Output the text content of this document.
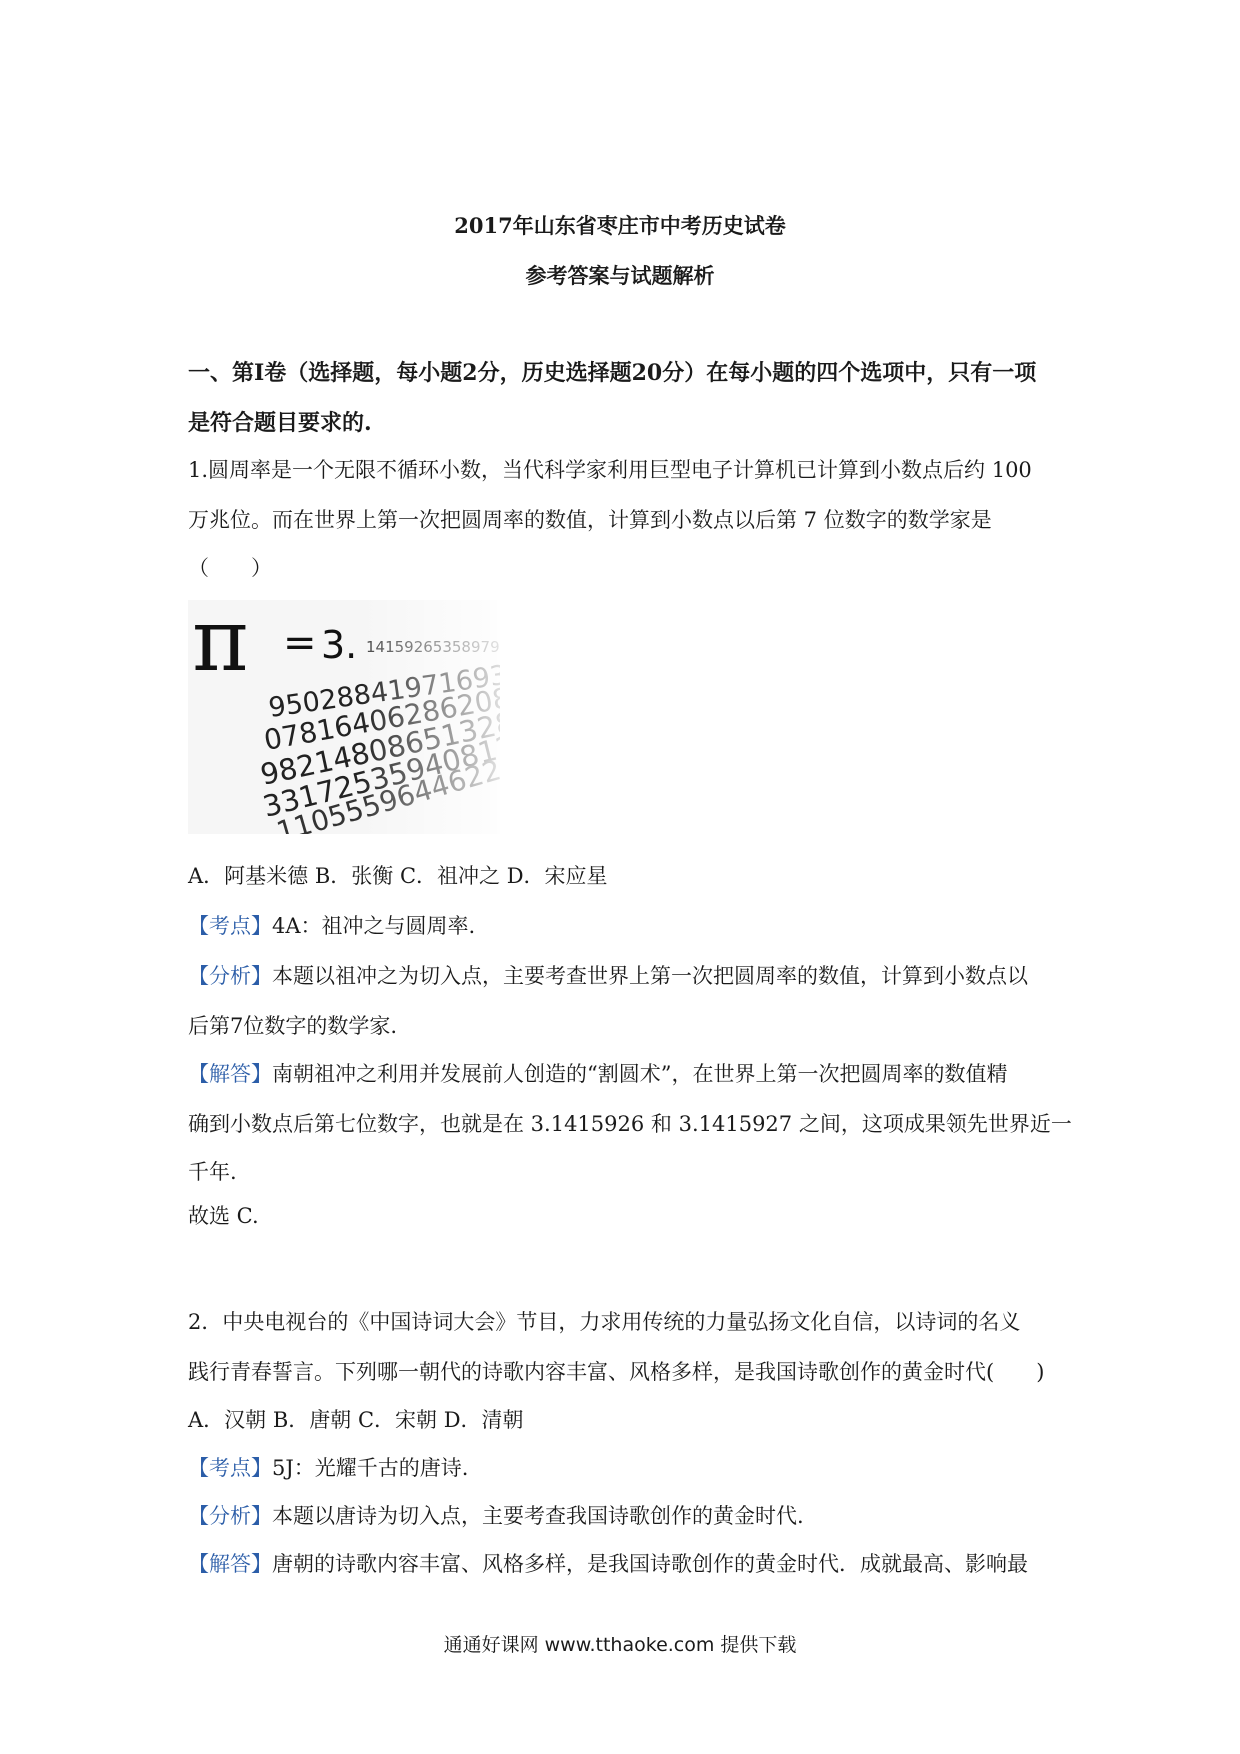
2017年山东省枣庄市中考历史试卷
参考答案与试题解析
一、第Ⅰ卷（选择题，每小题2分，历史选择题20分）在每小题的四个选项中，只有一项
是符合题目要求的.
1.圆周率是一个无限不循环小数，当代科学家利用巨型电子计算机已计算到小数点后约 100
万兆位。而在世界上第一次把圆周率的数值，计算到小数点以后第 7 位数字的数学家是
（　　）
A．阿基米德 B．张衡 C．祖冲之 D．宋应星
【考点】4A：祖冲之与圆周率.
【分析】本题以祖冲之为切入点，主要考查世界上第一次把圆周率的数值，计算到小数点以
后第7位数字的数学家.
【解答】南朝祖冲之利用并发展前人创造的“割圆术”，在世界上第一次把圆周率的数值精
确到小数点后第七位数字，也就是在 3.1415926 和 3.1415927 之间，这项成果领先世界近一
千年.
故选 C.
2．中央电视台的《中国诗词大会》节目，力求用传统的力量弘扬文化自信，以诗词的名义
践行青春誓言。下列哪一朝代的诗歌内容丰富、风格多样，是我国诗歌创作的黄金时代(　　)
A．汉朝 B．唐朝 C．宋朝 D．清朝
【考点】5J：光耀千古的唐诗.
【分析】本题以唐诗为切入点，主要考查我国诗歌创作的黄金时代.
【解答】唐朝的诗歌内容丰富、风格多样，是我国诗歌创作的黄金时代．成就最高、影响最
通通好课网 www.tthaoke.com 提供下载
